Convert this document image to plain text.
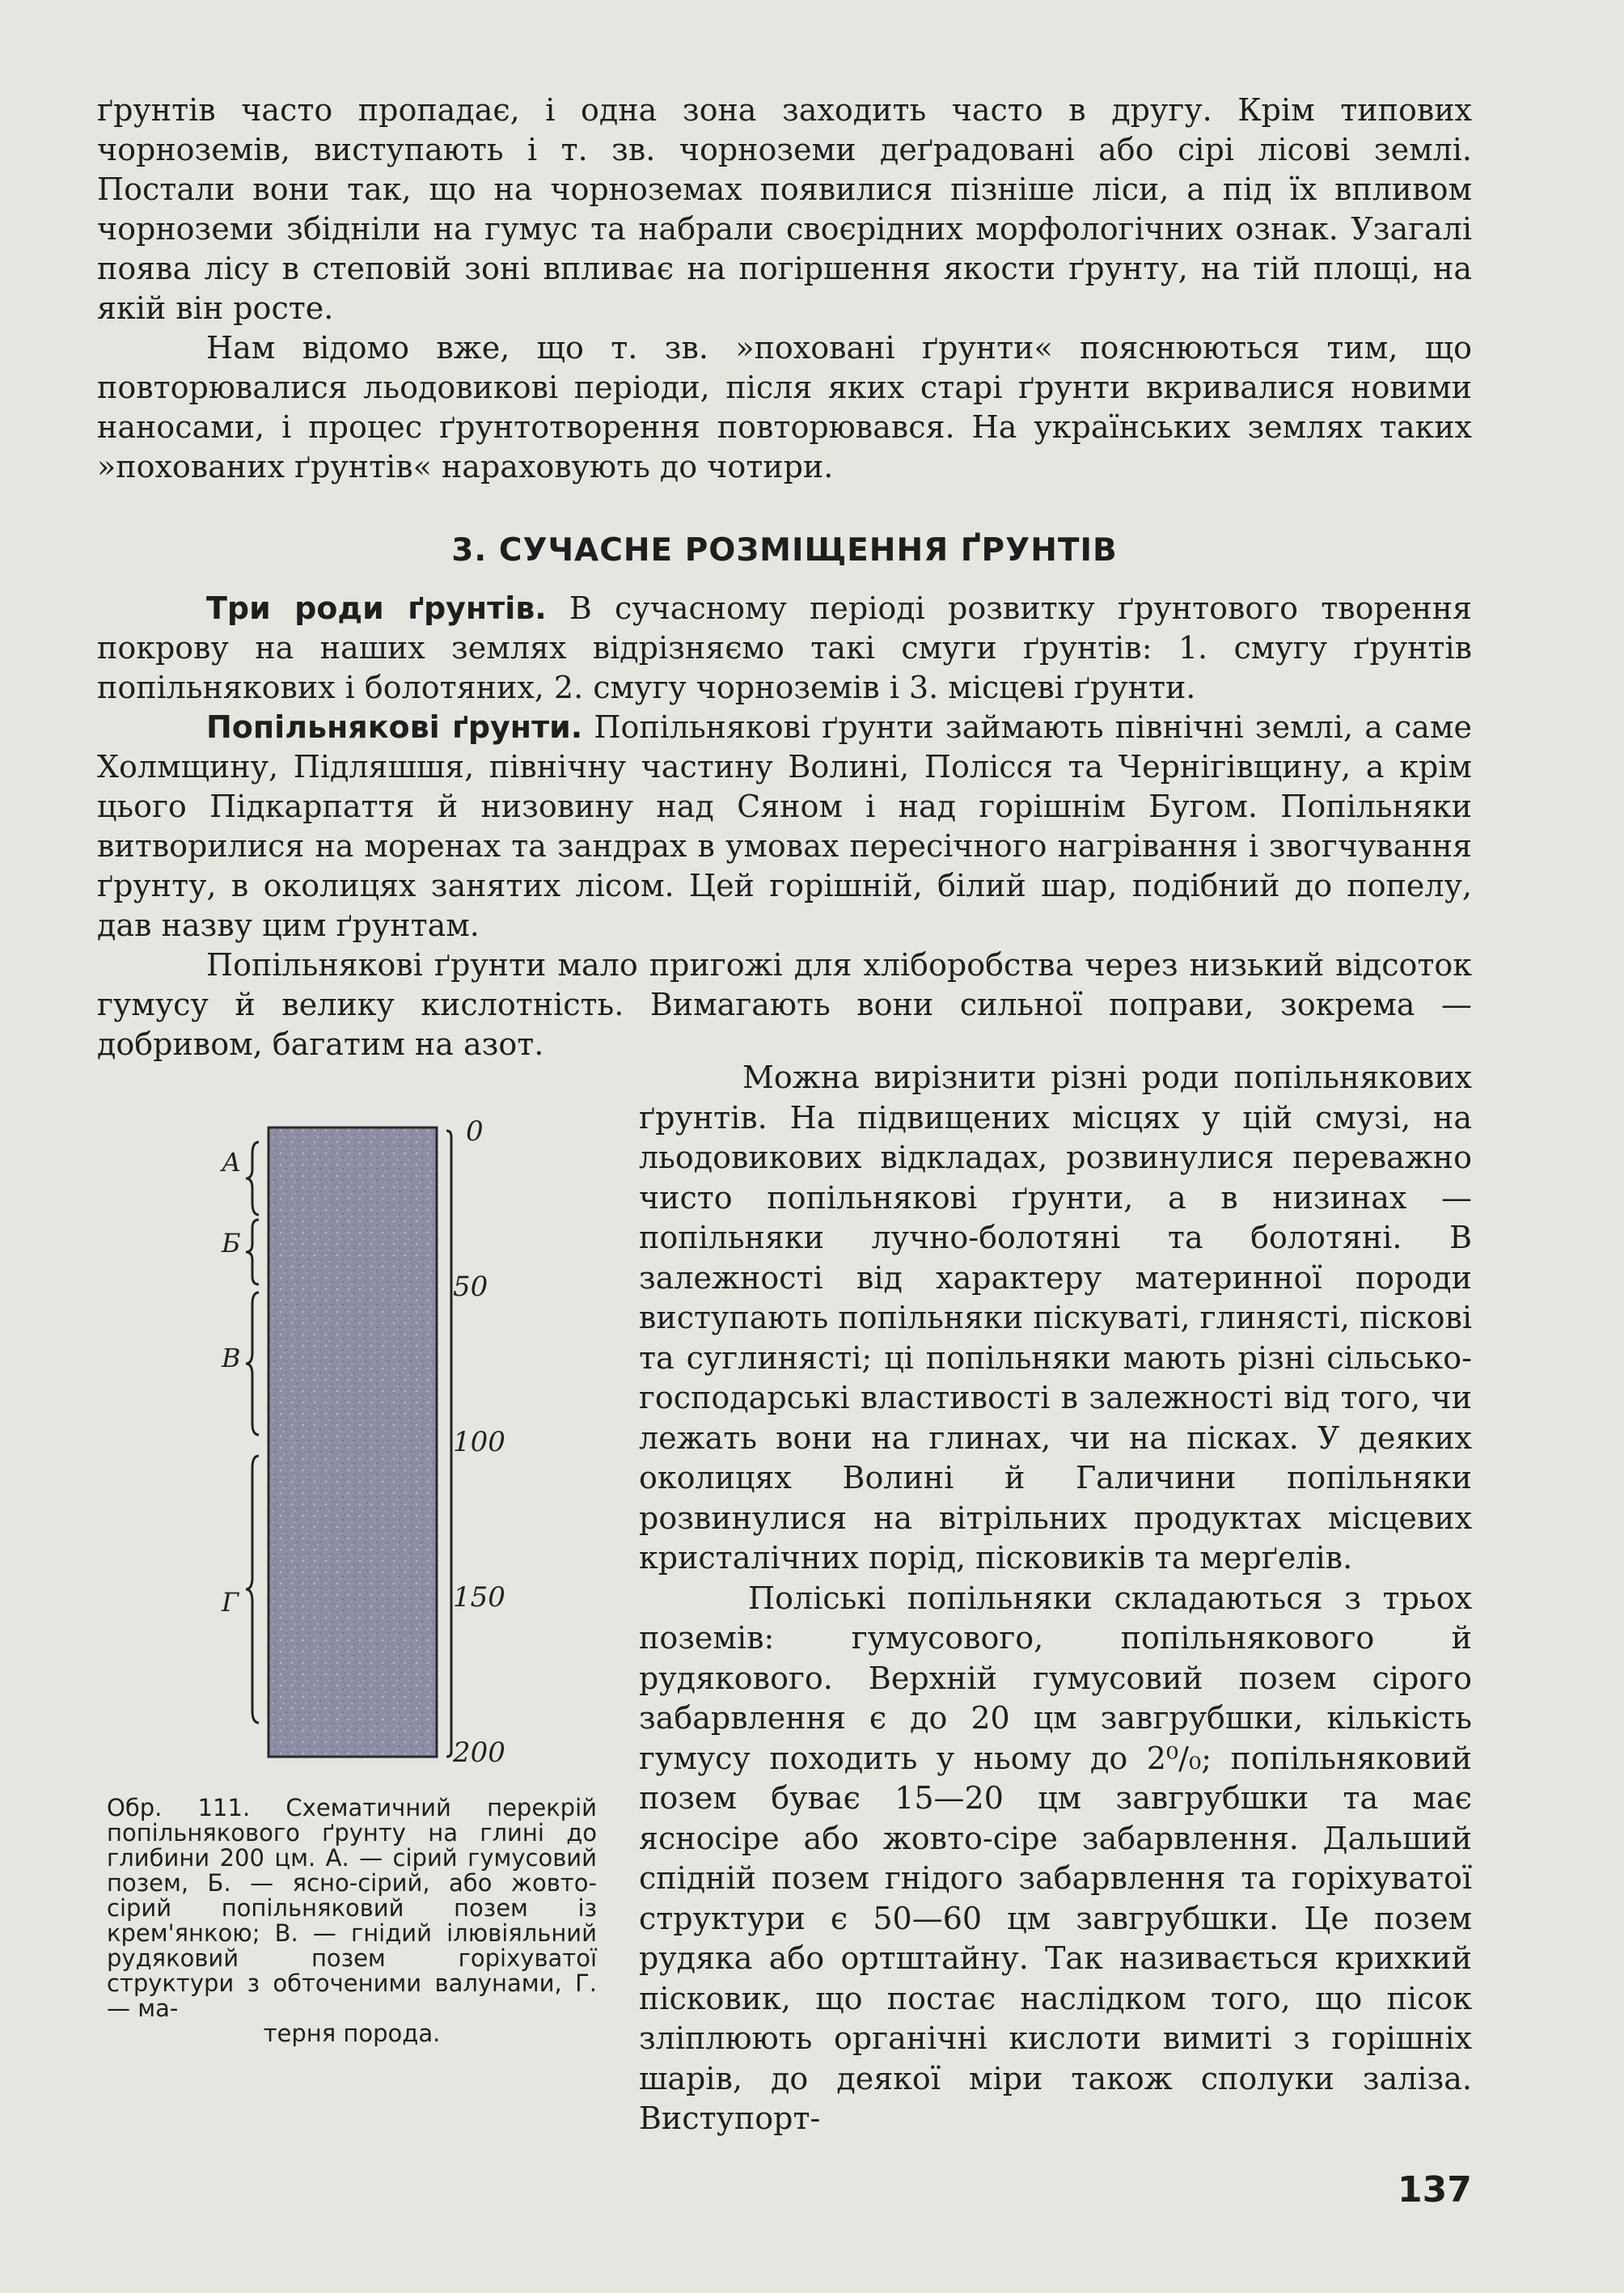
ґрунтів часто пропадає, і одна зона заходить часто в другу. Крім типових чорноземів, виступають і т. зв. чорноземи деґрадовані або сірі лісові землі. Постали вони так, що на чорноземах появилися пізніше ліси, а під їх впливом чорноземи збідніли на гумус та набрали своєрідних морфологічних ознак. Узагалі поява лісу в степовій зоні впливає на погіршення якости ґрунту, на тій площі, на якій він росте.

Нам відомо вже, що т. зв. »поховані ґрунти« пояснюються тим, що повторювалися льодовикові періоди, після яких старі ґрунти вкривалися новими наносами, і процес ґрунтотворення повторювався. На українських землях таких »похованих ґрунтів« нараховують до чотири.

3. СУЧАСНЕ РОЗМІЩЕННЯ ҐРУНТІВ

Три роди ґрунтів. В сучасному періоді розвитку ґрунтового творення покрову на наших землях відрізняємо такі смуги ґрунтів: 1. смугу ґрунтів попільнякових і болотяних, 2. смугу чорноземів і 3. місцеві ґрунти.

Попільнякові ґрунти. Попільнякові ґрунти займають північні землі, а саме Холмщину, Підляшшя, північну частину Волині, Полісся та Чернігівщину, а крім цього Підкарпаття й низовину над Сяном і над горішнім Бугом. Попільняки витворилися на моренах та зандрах в умовах пересічного нагрівання і звогчування ґрунту, в околицях занятих лісом. Цей горішній, білий шар, подібний до попелу, дав назву цим ґрунтам.

Попільнякові ґрунти мало пригожі для хліборобства через низький відсоток гумусу й велику кислотність. Вимагають вони сильної поправи, зокрема — добривом, багатим на азот.

А
Б
В
Г
0
50
100
150
200
Обр. 111. Схематичний перекрій попільнякового ґрунту на глині до глибини 200 цм. А. — сірий гумусовий позем, Б. — ясно-сірий, або жовто-сірий попільняковий позем із крем'янкою; В. — гнідий ілювіяльний рудяковий позем горіхуватої структури з обточеними валунами, Г. — ма-
терня порода.

Можна вирізнити різні роди попільнякових ґрунтів. На підвищених місцях у цій смузі, на льодовикових відкладах, розвинулися переважно чисто попільнякові ґрунти, а в низинах — попільняки лучно-болотяні та болотяні. В залежності від характеру материнної породи виступають попільняки піскуваті, глинясті, піскові та суглинясті; ці попільняки мають різні сільсько-господарські властивості в залежності від того, чи лежать вони на глинах, чи на пісках. У деяких околицях Волині й Галичини попільняки розвинулися на вітрільних продуктах місцевих кристалічних порід, пісковиків та мерґелів.

Поліські попільняки складаються з трьох поземів: гумусового, попільнякового й рудякового. Верхній гумусовий позем сірого забарвлення є до 20 цм завгрубшки, кількість гумусу походить у ньому до 2⁰/₀; попільняковий позем буває 15—20 цм завгрубшки та має ясносіре або жовто-сіре забарвлення. Дальший спідній позем гнідого забарвлення та горіхуватої структури є 50—60 цм завгрубшки. Це позем рудяка або ортштайну. Так називається крихкий пісковик, що постає наслідком того, що пісок зліплюють органічні кислоти вимиті з горішніх шарів, до деякої міри також сполуки заліза. Виступорт-

137
